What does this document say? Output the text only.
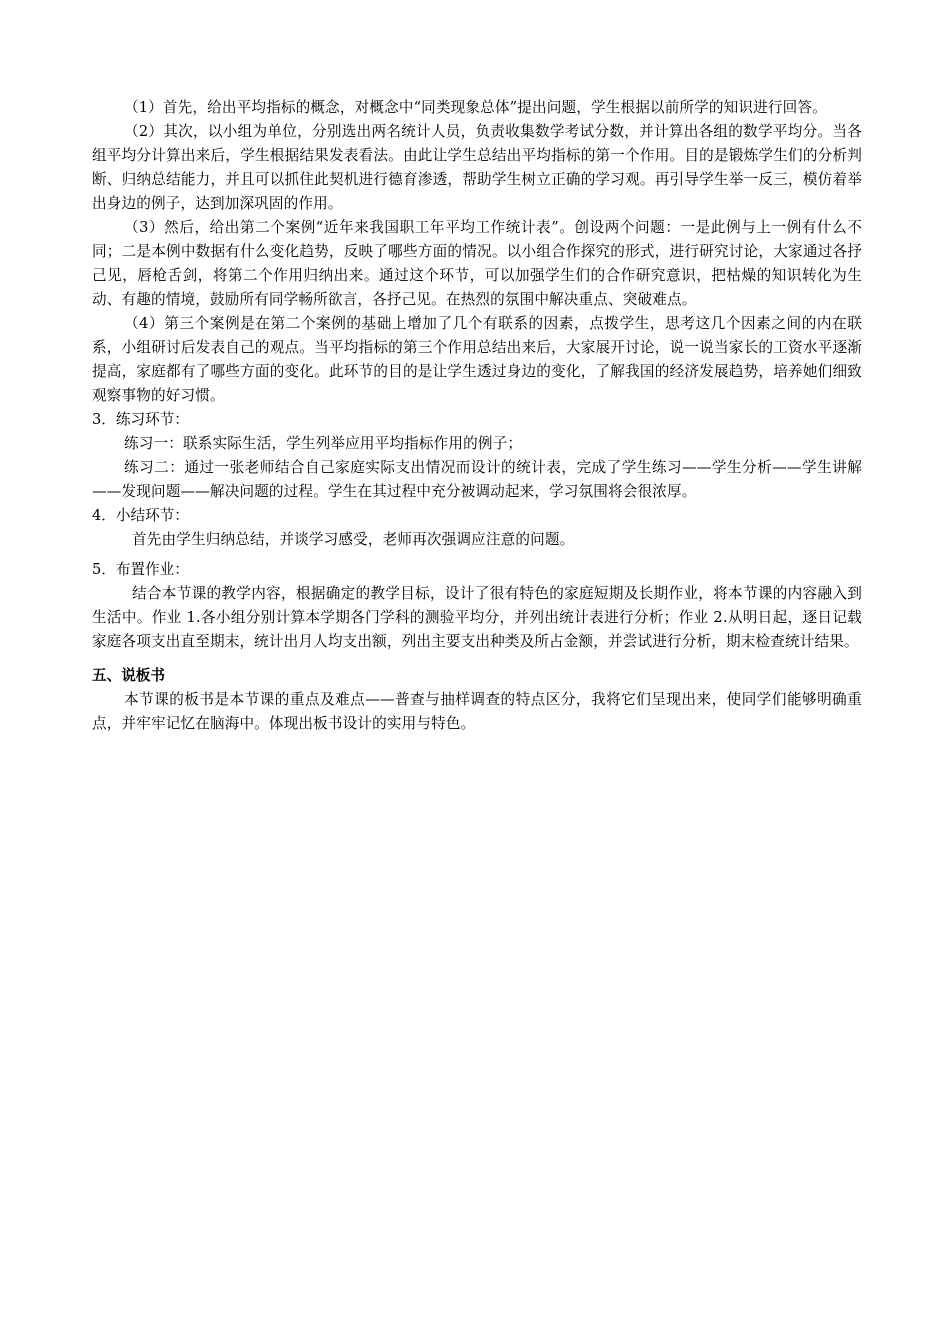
（1）首先，给出平均指标的概念，对概念中“同类现象总体”提出问题，学生根据以前所学的知识进行回答。

（2）其次，以小组为单位，分别选出两名统计人员，负责收集数学考试分数，并计算出各组的数学平均分。当各组平均分计算出来后，学生根据结果发表看法。由此让学生总结出平均指标的第一个作用。目的是锻炼学生们的分析判断、归纳总结能力，并且可以抓住此契机进行德育渗透，帮助学生树立正确的学习观。再引导学生举一反三，模仿着举出身边的例子，达到加深巩固的作用。

（3）然后，给出第二个案例“近年来我国职工年平均工作统计表”。创设两个问题：一是此例与上一例有什么不同；二是本例中数据有什么变化趋势，反映了哪些方面的情况。以小组合作探究的形式，进行研究讨论，大家通过各抒己见，唇枪舌剑，将第二个作用归纳出来。通过这个环节，可以加强学生们的合作研究意识，把枯燥的知识转化为生动、有趣的情境，鼓励所有同学畅所欲言，各抒己见。在热烈的氛围中解决重点、突破难点。

（4）第三个案例是在第二个案例的基础上增加了几个有联系的因素，点拨学生，思考这几个因素之间的内在联系，小组研讨后发表自己的观点。当平均指标的第三个作用总结出来后，大家展开讨论，说一说当家长的工资水平逐渐提高，家庭都有了哪些方面的变化。此环节的目的是让学生透过身边的变化，了解我国的经济发展趋势，培养她们细致观察事物的好习惯。

3．练习环节：

练习一：联系实际生活，学生列举应用平均指标作用的例子；

练习二：通过一张老师结合自己家庭实际支出情况而设计的统计表，完成了学生练习——学生分析——学生讲解——发现问题——解决问题的过程。学生在其过程中充分被调动起来，学习氛围将会很浓厚。

4．小结环节：

首先由学生归纳总结，并谈学习感受，老师再次强调应注意的问题。

5．布置作业：

结合本节课的教学内容，根据确定的教学目标，设计了很有特色的家庭短期及长期作业，将本节课的内容融入到生活中。作业 1.各小组分别计算本学期各门学科的测验平均分，并列出统计表进行分析；作业 2.从明日起，逐日记载家庭各项支出直至期末，统计出月人均支出额，列出主要支出种类及所占金额，并尝试进行分析，期末检查统计结果。

五、说板书

本节课的板书是本节课的重点及难点——普查与抽样调查的特点区分，我将它们呈现出来，使同学们能够明确重点，并牢牢记忆在脑海中。体现出板书设计的实用与特色。
